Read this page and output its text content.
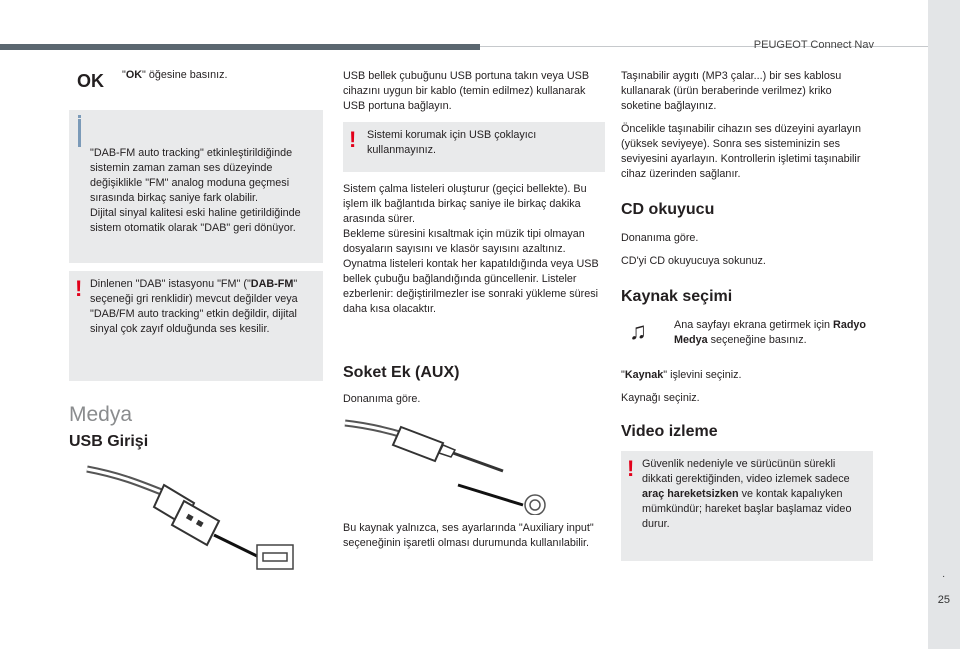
PEUGEOT Connect Nav
.
25
OK "OK" öğesine basınız.

"DAB-FM auto tracking" etkinleştirildiğinde sistemin zaman zaman ses düzeyinde değişiklikle "FM" analog moduna geçmesi sırasında birkaç saniye fark olabilir.
Dijital sinyal kalitesi eski haline getirildiğinde sistem otomatik olarak "DAB" geri dönüyor.

! Dinlenen "DAB" istasyonu "FM" ("DAB-FM" seçeneği gri renklidir) mevcut değilder veya "DAB/FM auto tracking" etkin değildir, dijital sinyal çok zayıf olduğunda ses kesilir.
Medya
USB Girişi

USB bellek çubuğunu USB portuna takın veya USB cihazını uygun bir kablo (temin edilmez) kullanarak USB portuna bağlayın.

! Sistemi korumak için USB çoklayıcı kullanmayınız.

Sistem çalma listeleri oluşturur (geçici bellekte). Bu işlem ilk bağlantıda birkaç saniye ile birkaç dakika arasında sürer.
Bekleme süresini kısaltmak için müzik tipi olmayan dosyaların sayısını ve klasör sayısını azaltınız.
Oynatma listeleri kontak her kapatıldığında veya USB bellek çubuğu bağlandığında güncellenir. Listeler ezberlenir: değiştirilmezler ise sonraki yükleme süresi daha kısa olacaktır.

Soket Ek (AUX)

Donanıma göre.

Bu kaynak yalnızca, ses ayarlarında "Auxiliary input" seçeneğinin işaretli olması durumunda kullanılabilir.

Taşınabilir aygıtı (MP3 çalar...) bir ses kablosu kullanarak (ürün beraberinde verilmez) kriko soketine bağlayınız.

Öncelikle taşınabilir cihazın ses düzeyini ayarlayın (yüksek seviyeye). Sonra ses sisteminizin ses seviyesini ayarlayın. Kontrollerin işletimi taşınabilir cihaz üzerinden sağlanır.

CD okuyucu

Donanıma göre.

CD'yi CD okuyucuya sokunuz.

Kaynak seçimi
♫	Ana sayfayı ekrana getirmek için Radyo Medya seçeneğine basınız.

"Kaynak" işlevini seçiniz.

Kaynağı seçiniz.

Video izleme
! Güvenlik nedeniyle ve sürücünün sürekli dikkati gerektiğinden, video izlemek sadece araç hareketsizken ve kontak kapalıyken mümkündür; hareket başlar başlamaz video durur.
